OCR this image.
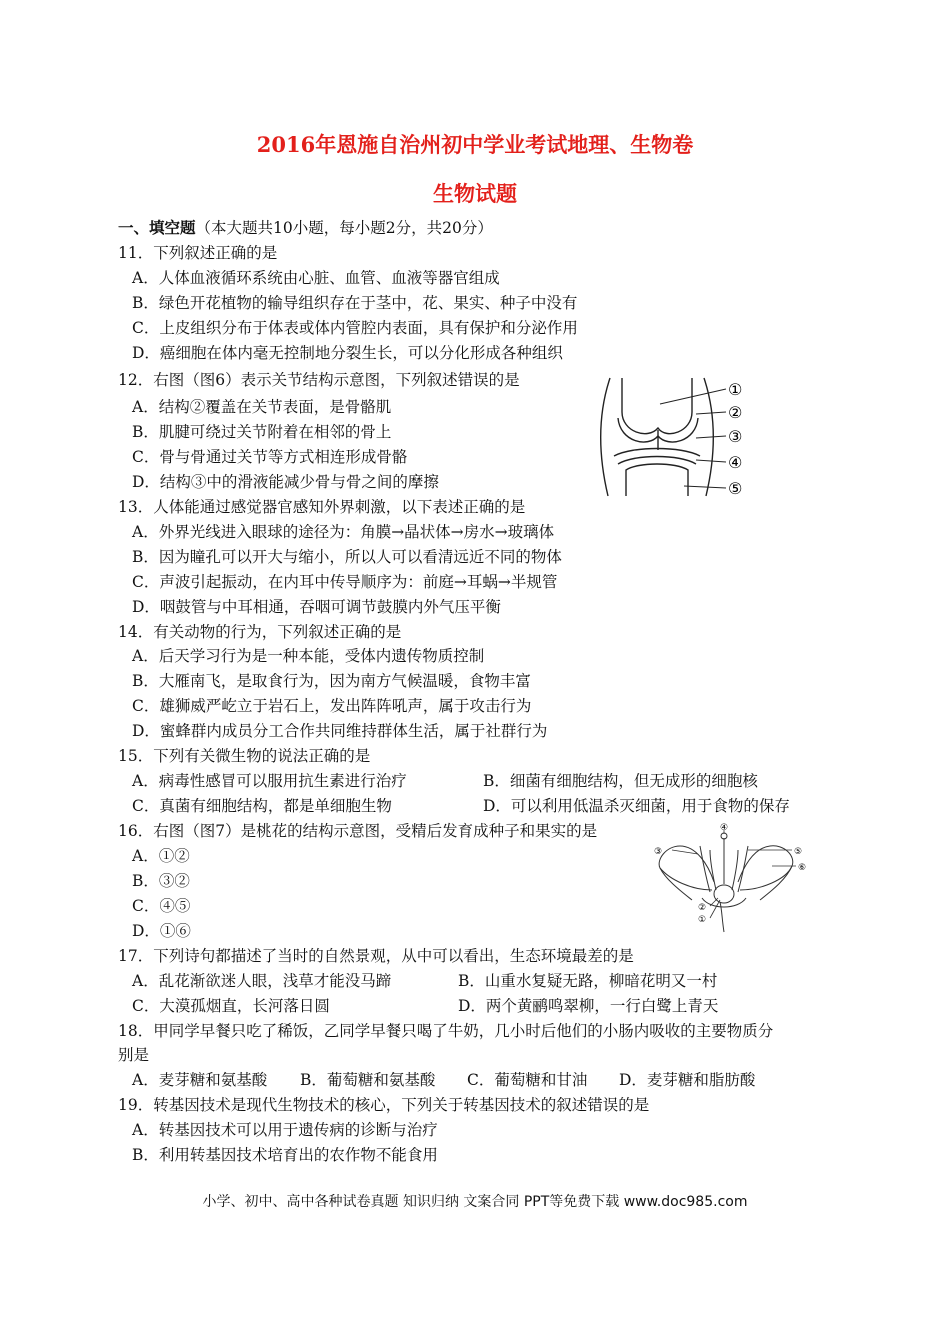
2016年恩施自治州初中学业考试地理、生物卷
生物试题
一、填空题（本大题共10小题，每小题2分，共20分）
11．下列叙述正确的是
A．人体血液循环系统由心脏、血管、血液等器官组成
B．绿色开花植物的输导组织存在于茎中，花、果实、种子中没有
C．上皮组织分布于体表或体内管腔内表面，具有保护和分泌作用
D．癌细胞在体内毫无控制地分裂生长，可以分化形成各种组织
12．右图（图6）表示关节结构示意图，下列叙述错误的是
A．结构②覆盖在关节表面，是骨骼肌
B．肌腱可绕过关节附着在相邻的骨上
C．骨与骨通过关节等方式相连形成骨骼
D．结构③中的滑液能减少骨与骨之间的摩擦
①
②
③
④
⑤
13．人体能通过感觉器官感知外界刺激，以下表述正确的是
A．外界光线进入眼球的途径为：角膜→晶状体→房水→玻璃体
B．因为瞳孔可以开大与缩小，所以人可以看清远近不同的物体
C．声波引起振动，在内耳中传导顺序为：前庭→耳蜗→半规管
D．咽鼓管与中耳相通，吞咽可调节鼓膜内外气压平衡
14．有关动物的行为，下列叙述正确的是
A．后天学习行为是一种本能，受体内遗传物质控制
B．大雁南飞，是取食行为，因为南方气候温暖，食物丰富
C．雄狮威严屹立于岩石上，发出阵阵吼声，属于攻击行为
D．蜜蜂群内成员分工合作共同维持群体生活，属于社群行为
15．下列有关微生物的说法正确的是
A．病毒性感冒可以服用抗生素进行治疗	B．细菌有细胞结构，但无成形的细胞核
C．真菌有细胞结构，都是单细胞生物	D．可以利用低温杀灭细菌，用于食物的保存
16．右图（图7）是桃花的结构示意图，受精后发育成种子和果实的是
A．①②
B．③②
C．④⑤
D．①⑥
④
③	⑤
⑥
②
①
17．下列诗句都描述了当时的自然景观，从中可以看出，生态环境最差的是
A．乱花渐欲迷人眼，浅草才能没马蹄	B．山重水复疑无路，柳暗花明又一村
C．大漠孤烟直，长河落日圆	D．两个黄鹂鸣翠柳，一行白鹭上青天
18．甲同学早餐只吃了稀饭，乙同学早餐只喝了牛奶，几小时后他们的小肠内吸收的主要物质分
别是
A．麦芽糖和氨基酸 B．葡萄糖和氨基酸 C．葡萄糖和甘油 D．麦芽糖和脂肪酸
19．转基因技术是现代生物技术的核心，下列关于转基因技术的叙述错误的是
A．转基因技术可以用于遗传病的诊断与治疗
B．利用转基因技术培育出的农作物不能食用
小学、初中、高中各种试卷真题 知识归纳 文案合同 PPT等免费下载 www.doc985.com
